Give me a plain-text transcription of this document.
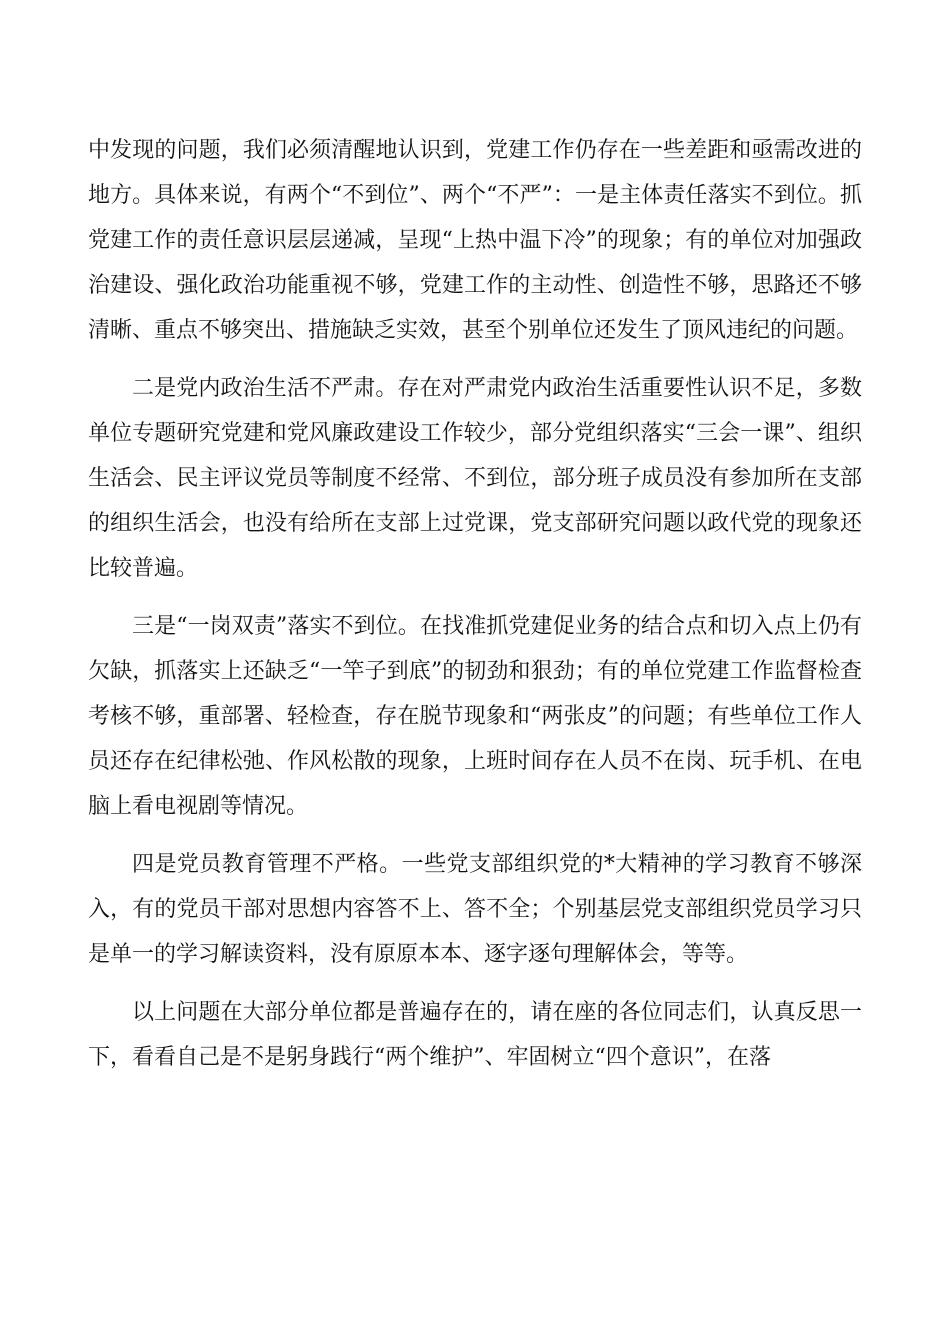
中发现的问题，我们必须清醒地认识到，党建工作仍存在一些差距和亟需改进的地方。具体来说，有两个“不到位”、两个“不严”：一是主体责任落实不到位。抓党建工作的责任意识层层递减，呈现“上热中温下冷”的现象；有的单位对加强政治建设、强化政治功能重视不够，党建工作的主动性、创造性不够，思路还不够清晰、重点不够突出、措施缺乏实效，甚至个别单位还发生了顶风违纪的问题。

二是党内政治生活不严肃。存在对严肃党内政治生活重要性认识不足，多数单位专题研究党建和党风廉政建设工作较少，部分党组织落实“三会一课”、组织生活会、民主评议党员等制度不经常、不到位，部分班子成员没有参加所在支部的组织生活会，也没有给所在支部上过党课，党支部研究问题以政代党的现象还比较普遍。

三是“一岗双责”落实不到位。在找准抓党建促业务的结合点和切入点上仍有欠缺，抓落实上还缺乏“一竿子到底”的韧劲和狠劲；有的单位党建工作监督检查考核不够，重部署、轻检查，存在脱节现象和“两张皮”的问题；有些单位工作人员还存在纪律松弛、作风松散的现象，上班时间存在人员不在岗、玩手机、在电脑上看电视剧等情况。

四是党员教育管理不严格。一些党支部组织党的*大精神的学习教育不够深入，有的党员干部对思想内容答不上、答不全；个别基层党支部组织党员学习只是单一的学习解读资料，没有原原本本、逐字逐句理解体会，等等。

以上问题在大部分单位都是普遍存在的，请在座的各位同志们，认真反思一下，看看自己是不是躬身践行“两个维护”、牢固树立“四个意识”，在落
